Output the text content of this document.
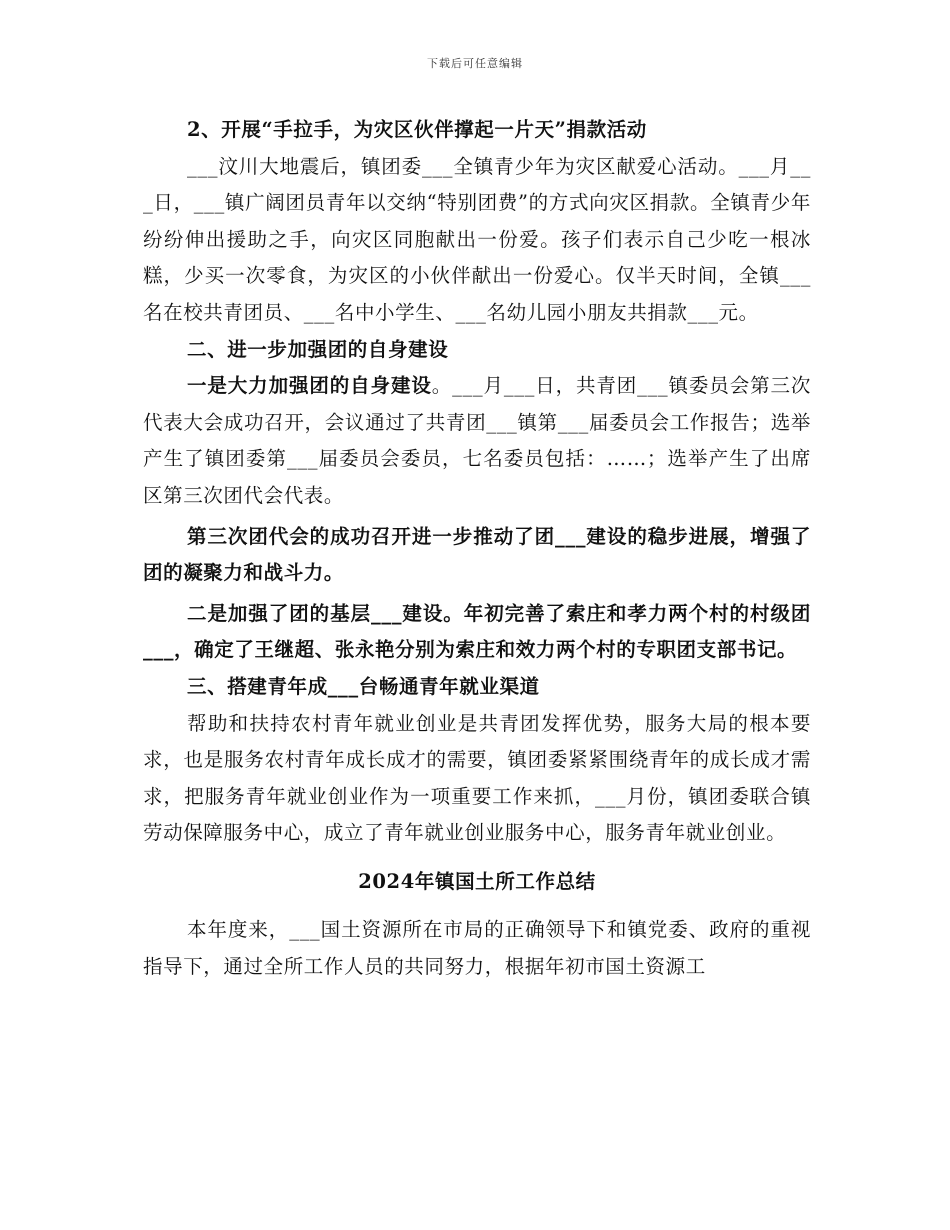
下载后可任意编辑

2、开展“手拉手，为灾区伙伴撑起一片天”捐款活动

___汶川大地震后，镇团委___全镇青少年为灾区献爱心活动。___月___日，___镇广阔团员青年以交纳“特别团费”的方式向灾区捐款。全镇青少年纷纷伸出援助之手，向灾区同胞献出一份爱。孩子们表示自己少吃一根冰糕，少买一次零食，为灾区的小伙伴献出一份爱心。仅半天时间，全镇___名在校共青团员、___名中小学生、___名幼儿园小朋友共捐款___元。

二、进一步加强团的自身建设

一是大力加强团的自身建设。___月___日，共青团___镇委员会第三次代表大会成功召开，会议通过了共青团___镇第___届委员会工作报告；选举产生了镇团委第___届委员会委员，七名委员包括：……；选举产生了出席区第三次团代会代表。

第三次团代会的成功召开进一步推动了团___建设的稳步进展，增强了团的凝聚力和战斗力。

二是加强了团的基层___建设。年初完善了索庄和孝力两个村的村级团___，确定了王继超、张永艳分别为索庄和效力两个村的专职团支部书记。

三、搭建青年成___台畅通青年就业渠道

帮助和扶持农村青年就业创业是共青团发挥优势，服务大局的根本要求，也是服务农村青年成长成才的需要，镇团委紧紧围绕青年的成长成才需求，把服务青年就业创业作为一项重要工作来抓，___月份，镇团委联合镇劳动保障服务中心，成立了青年就业创业服务中心，服务青年就业创业。

2024年镇国土所工作总结

本年度来，___国土资源所在市局的正确领导下和镇党委、政府的重视指导下，通过全所工作人员的共同努力，根据年初市国土资源工
